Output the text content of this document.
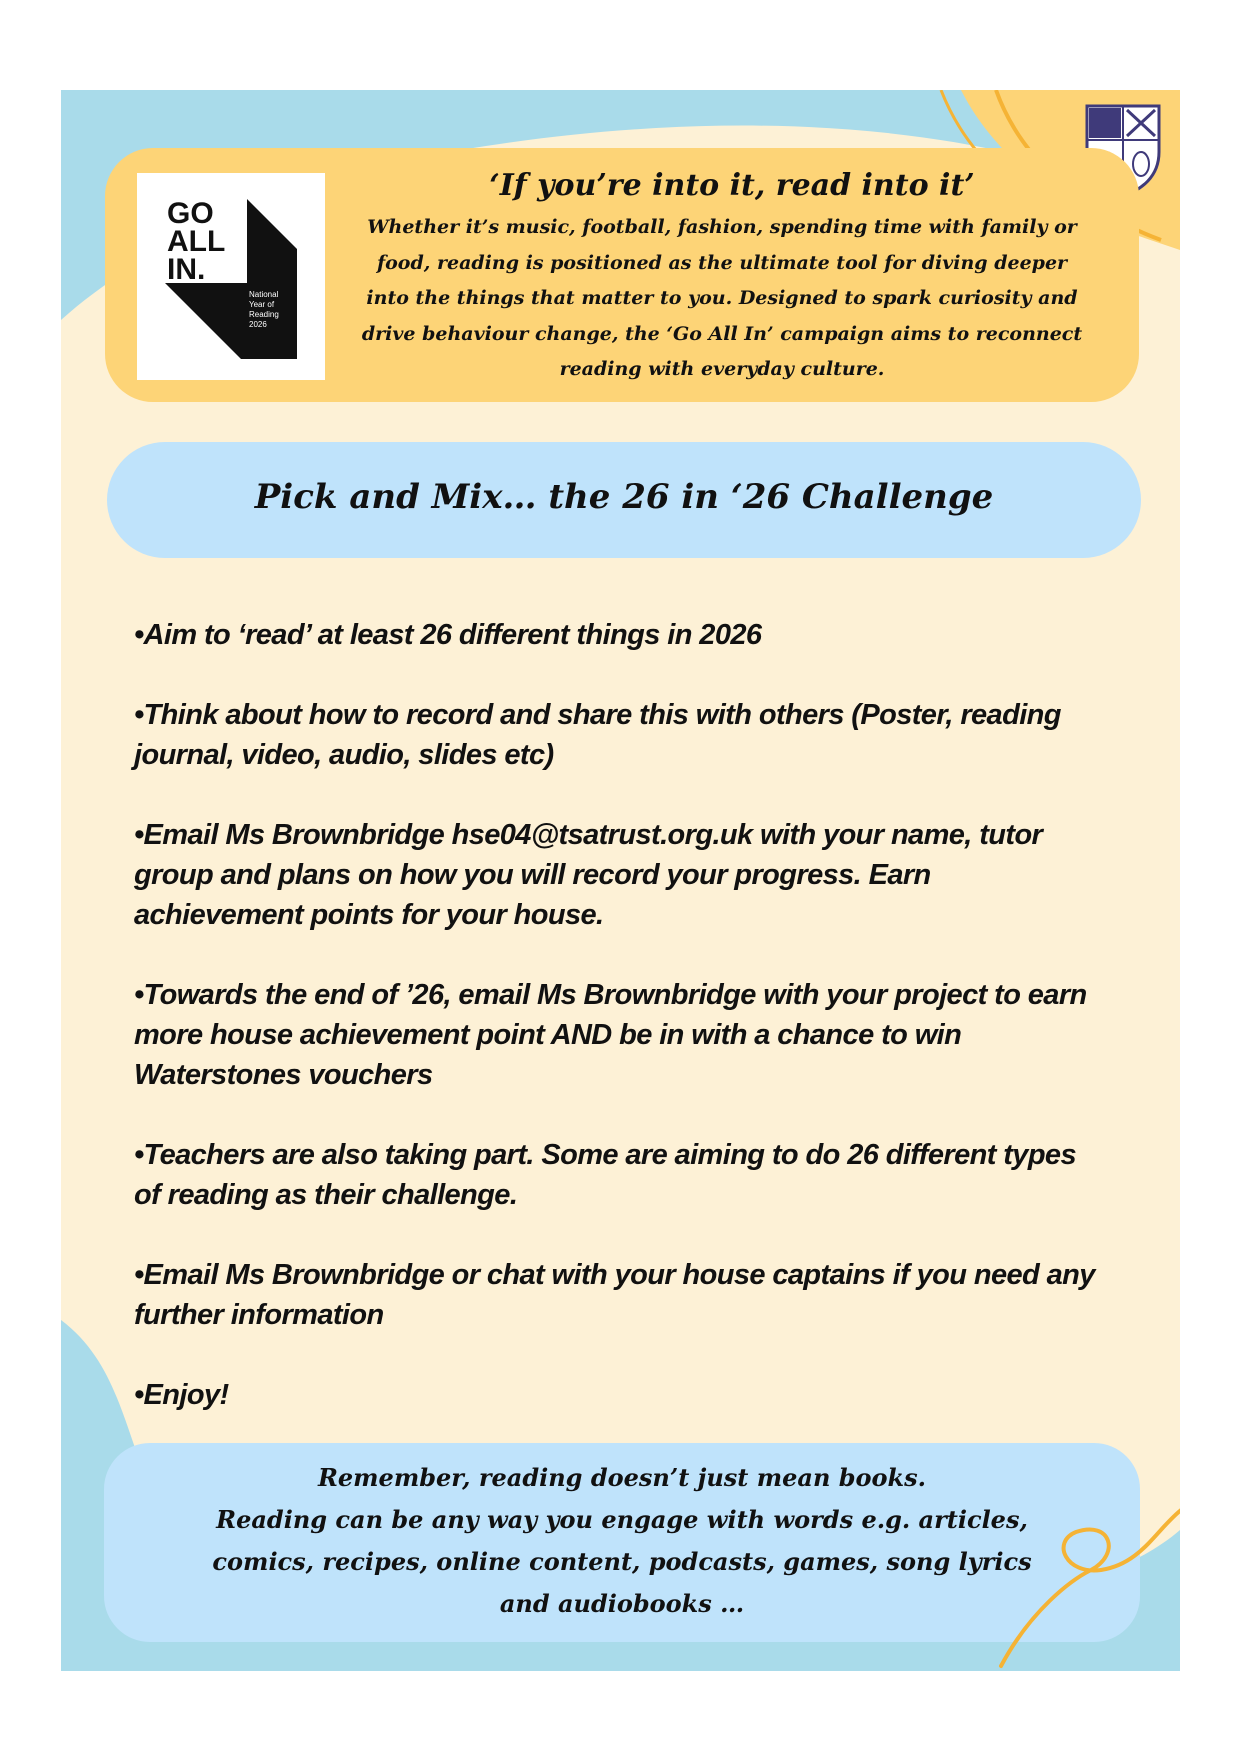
GO
ALL
IN.
National
Year of
Reading
2026
‘If you’re into it, read into it’
Whether it’s music, football, fashion, spending time with family or
food, reading is positioned as the ultimate tool for diving deeper
into the things that matter to you. Designed to spark curiosity and
drive behaviour change, the ‘Go All In’ campaign aims to reconnect
reading with everyday culture.
Pick and Mix… the 26 in ‘26 Challenge
•Aim to ‘read’ at least 26 different things in 2026
•Think about how to record and share this with others (Poster, reading
journal, video, audio, slides etc)
•Email Ms Brownbridge hse04@tsatrust.org.uk with your name, tutor
group and plans on how you will record your progress. Earn
achievement points for your house.
•Towards the end of ’26, email Ms Brownbridge with your project to earn
more house achievement point AND be in with a chance to win
Waterstones vouchers
•Teachers are also taking part. Some are aiming to do 26 different types
of reading as their challenge.
•Email Ms Brownbridge or chat with your house captains if you need any
further information
•Enjoy!
Remember, reading doesn’t just mean books.
Reading can be any way you engage with words e.g. articles,
comics, recipes, online content, podcasts, games, song lyrics
and audiobooks …
